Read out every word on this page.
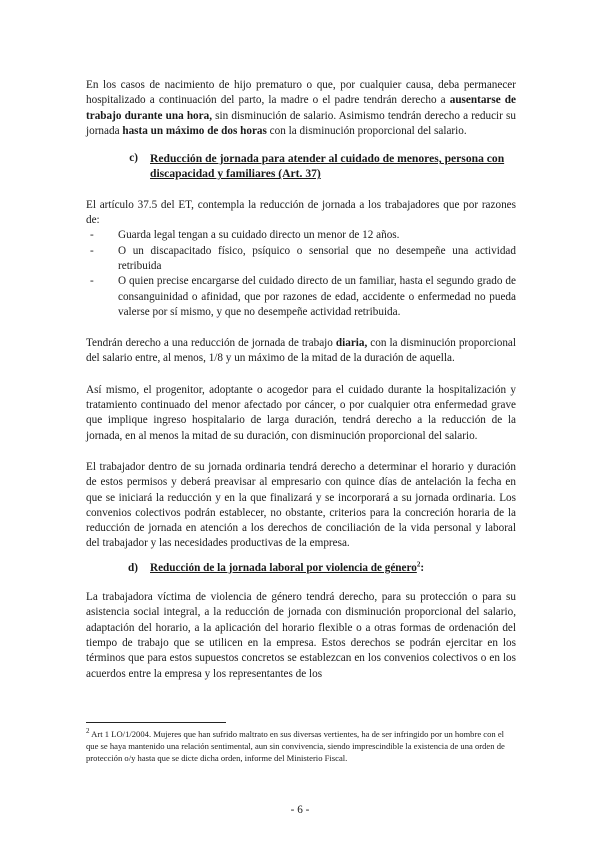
En los casos de nacimiento de hijo prematuro o que, por cualquier causa, deba permanecer hospitalizado a continuación del parto, la madre o el padre tendrán derecho a ausentarse de trabajo durante una hora, sin disminución de salario. Asimismo tendrán derecho a reducir su jornada hasta un máximo de dos horas con la disminución proporcional del salario.

c)	Reducción de jornada para atender al cuidado de menores, persona con discapacidad y familiares (Art. 37)

El artículo 37.5 del ET, contempla la reducción de jornada a los trabajadores que por razones de:

-	Guarda legal tengan a su cuidado directo un menor de 12 años.
-	O un discapacitado físico, psíquico o sensorial que no desempeñe una actividad retribuida
-	O quien precise encargarse del cuidado directo de un familiar, hasta el segundo grado de consanguinidad o afinidad, que por razones de edad, accidente o enfermedad no pueda valerse por sí mismo, y que no desempeñe actividad retribuida.

Tendrán derecho a una reducción de jornada de trabajo diaria, con la disminución proporcional del salario entre, al menos, 1/8 y un máximo de la mitad de la duración de aquella.

Así mismo, el progenitor, adoptante o acogedor para el cuidado durante la hospitalización y tratamiento continuado del menor afectado por cáncer, o por cualquier otra enfermedad grave que implique ingreso hospitalario de larga duración, tendrá derecho a la reducción de la jornada, en al menos la mitad de su duración, con disminución proporcional del salario.

El trabajador dentro de su jornada ordinaria tendrá derecho a determinar el horario y duración de estos permisos y deberá preavisar al empresario con quince días de antelación la fecha en que se iniciará la reducción y en la que finalizará y se incorporará a su jornada ordinaria. Los convenios colectivos podrán establecer, no obstante, criterios para la concreción horaria de la reducción de jornada en atención a los derechos de conciliación de la vida personal y laboral del trabajador y las necesidades productivas de la empresa.

d)	Reducción de la jornada laboral por violencia de género$^2$:

La trabajadora víctima de violencia de género tendrá derecho, para su protección o para su asistencia social integral, a la reducción de jornada con disminución proporcional del salario, adaptación del horario, a la aplicación del horario flexible o a otras formas de ordenación del tiempo de trabajo que se utilicen en la empresa. Estos derechos se podrán ejercitar en los términos que para estos supuestos concretos se establezcan en los convenios colectivos o en los acuerdos entre la empresa y los representantes de los

$^2$ Art 1 LO/1/2004. Mujeres que han sufrido maltrato en sus diversas vertientes, ha de ser infringido por un hombre con el que se haya mantenido una relación sentimental, aun sin convivencia, siendo imprescindible la existencia de una orden de protección o/y hasta que se dicte dicha orden, informe del Ministerio Fiscal.

- 6 -
